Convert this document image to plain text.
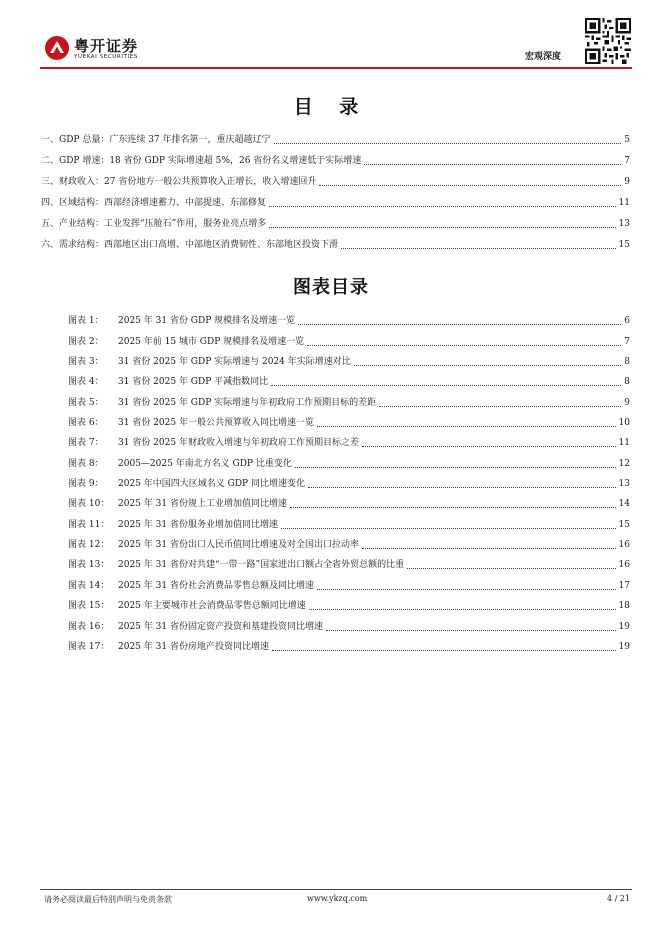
粤开证券
YUEKAI SECURITIES	宏观深度
目 录
一、GDP 总量：广东连续 37 年排名第一，重庆超越辽宁	5
二、GDP 增速：18 省份 GDP 实际增速超 5%，26 省份名义增速低于实际增速	7
三、财政收入：27 省份地方一般公共预算收入正增长，收入增速回升	9
四、区域结构：西部经济增速蓄力、中部提速、东部修复	11
五、产业结构：工业发挥“压舱石”作用，服务业亮点增多	13
六、需求结构：西部地区出口高增、中部地区消费韧性、东部地区投资下滑	15
图表目录
图表 1： 2025 年 31 省份 GDP 规模排名及增速一览	6
图表 2： 2025 年前 15 城市 GDP 规模排名及增速一览	7
图表 3： 31 省份 2025 年 GDP 实际增速与 2024 年实际增速对比	8
图表 4： 31 省份 2025 年 GDP 平减指数同比	8
图表 5： 31 省份 2025 年 GDP 实际增速与年初政府工作预期目标的差距	9
图表 6： 31 省份 2025 年一般公共预算收入同比增速一览	10
图表 7： 31 省份 2025 年财政收入增速与年初政府工作预期目标之差	11
图表 8： 2005—2025 年南北方名义 GDP 比重变化	12
图表 9： 2025 年中国四大区域名义 GDP 同比增速变化	13
图表 10： 2025 年 31 省份规上工业增加值同比增速	14
图表 11： 2025 年 31 省份服务业增加值同比增速	15
图表 12： 2025 年 31 省份出口人民币值同比增速及对全国出口拉动率	16
图表 13： 2025 年 31 省份对共建“一带一路”国家进出口额占全省外贸总额的比重	16
图表 14： 2025 年 31 省份社会消费品零售总额及同比增速	17
图表 15： 2025 年主要城市社会消费品零售总额同比增速	18
图表 16： 2025 年 31 省份固定资产投资和基建投资同比增速	19
图表 17： 2025 年 31 省份房地产投资同比增速	19
请务必阅读最后特别声明与免责条款	www.ykzq.com	4 / 21
